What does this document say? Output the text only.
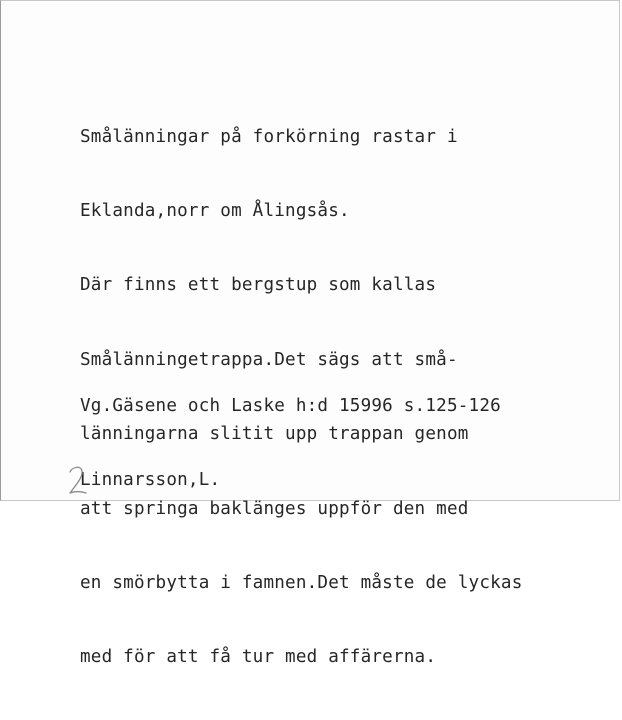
Smålänningar på forkörning rastar i

Eklanda,norr om Ålingsås.

Där finns ett bergstup som kallas

Smålänningetrappa.Det sägs att små-

länningarna slitit upp trappan genom

att springa baklänges uppför den med

en smörbytta i famnen.Det måste de lyckas

med för att få tur med affärerna.

Vg.Gäsene och Laske h:d 15996 s.125-126

Linnarsson,L.
